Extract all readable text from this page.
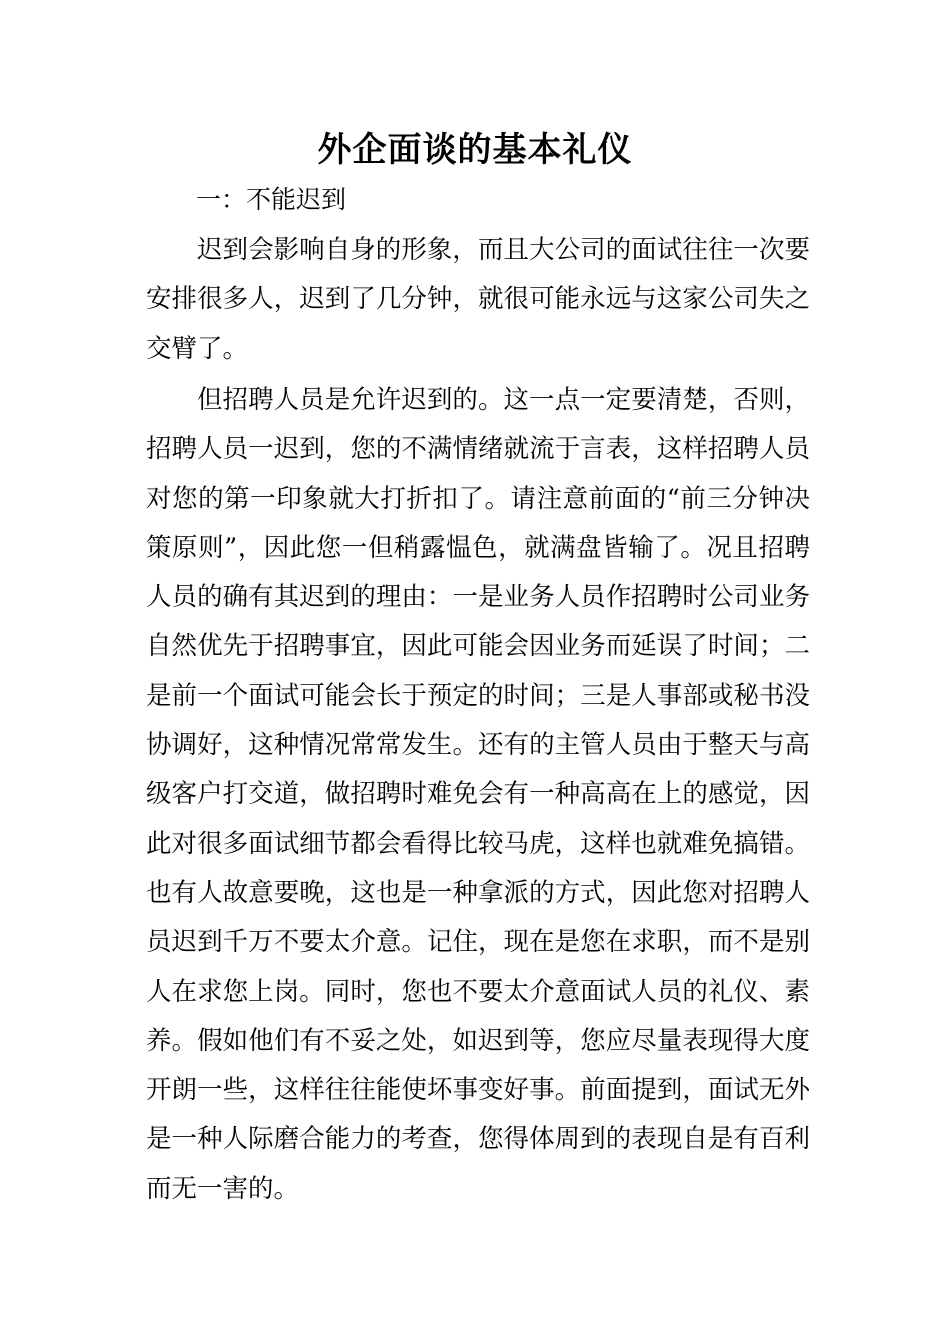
外企面谈的基本礼仪

一：不能迟到

迟到会影响自身的形象，而且大公司的面试往往一次要安排很多人，迟到了几分钟，就很可能永远与这家公司失之交臂了。

但招聘人员是允许迟到的。这一点一定要清楚，否则，招聘人员一迟到，您的不满情绪就流于言表，这样招聘人员对您的第一印象就大打折扣了。请注意前面的“前三分钟决策原则”，因此您一但稍露愠色，就满盘皆输了。况且招聘人员的确有其迟到的理由：一是业务人员作招聘时公司业务自然优先于招聘事宜，因此可能会因业务而延误了时间；二是前一个面试可能会长于预定的时间；三是人事部或秘书没协调好，这种情况常常发生。还有的主管人员由于整天与高级客户打交道，做招聘时难免会有一种高高在上的感觉，因此对很多面试细节都会看得比较马虎，这样也就难免搞错。也有人故意要晚，这也是一种拿派的方式，因此您对招聘人员迟到千万不要太介意。记住，现在是您在求职，而不是别人在求您上岗。同时，您也不要太介意面试人员的礼仪、素养。假如他们有不妥之处，如迟到等，您应尽量表现得大度开朗一些，这样往往能使坏事变好事。前面提到，面试无外是一种人际磨合能力的考查，您得体周到的表现自是有百利而无一害的。
